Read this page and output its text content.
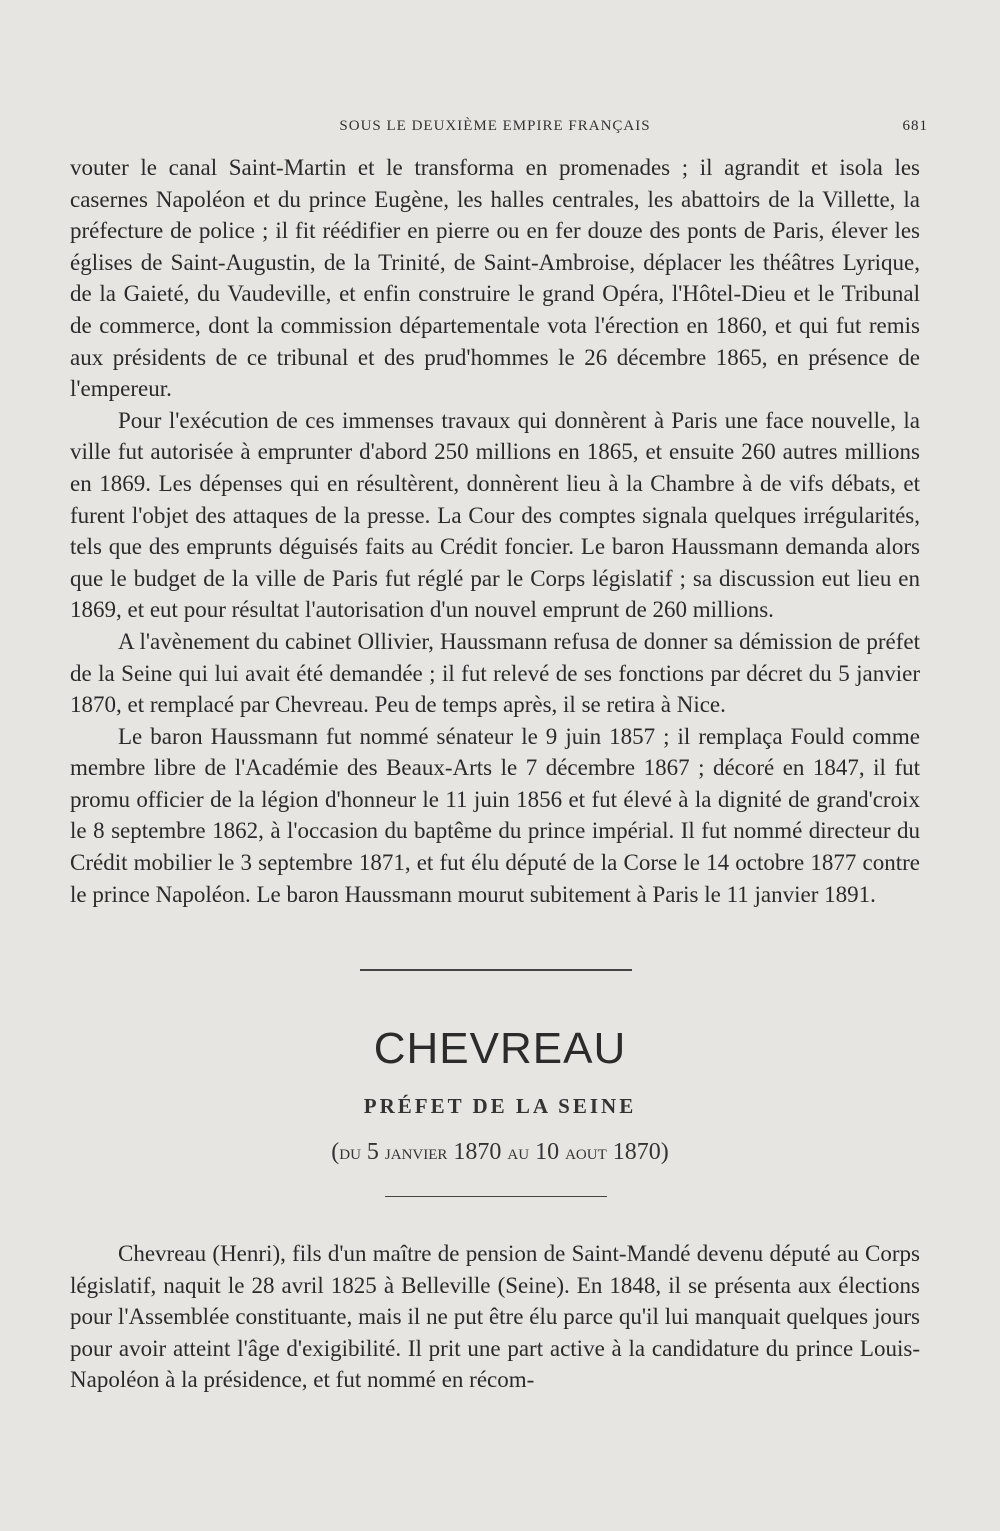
SOUS LE DEUXIÈME EMPIRE FRANÇAIS	681

vouter le canal Saint-Martin et le transforma en promenades ; il agrandit et isola les casernes Napoléon et du prince Eugène, les halles centrales, les abattoirs de la Villette, la préfecture de police ; il fit réédifier en pierre ou en fer douze des ponts de Paris, élever les églises de Saint-Augustin, de la Trinité, de Saint-Ambroise, déplacer les théâtres Lyrique, de la Gaieté, du Vaudeville, et enfin construire le grand Opéra, l'Hôtel-Dieu et le Tribunal de commerce, dont la commission départementale vota l'érection en 1860, et qui fut remis aux présidents de ce tribunal et des prud'hommes le 26 décembre 1865, en présence de l'empereur.

Pour l'exécution de ces immenses travaux qui donnèrent à Paris une face nouvelle, la ville fut autorisée à emprunter d'abord 250 millions en 1865, et ensuite 260 autres millions en 1869. Les dépenses qui en résultèrent, donnèrent lieu à la Chambre à de vifs débats, et furent l'objet des attaques de la presse. La Cour des comptes signala quelques irrégularités, tels que des emprunts déguisés faits au Crédit foncier. Le baron Haussmann demanda alors que le budget de la ville de Paris fut réglé par le Corps législatif ; sa discussion eut lieu en 1869, et eut pour résultat l'autorisation d'un nouvel emprunt de 260 millions.

A l'avènement du cabinet Ollivier, Haussmann refusa de donner sa démission de préfet de la Seine qui lui avait été demandée ; il fut relevé de ses fonctions par décret du 5 janvier 1870, et remplacé par Chevreau. Peu de temps après, il se retira à Nice.

Le baron Haussmann fut nommé sénateur le 9 juin 1857 ; il remplaça Fould comme membre libre de l'Académie des Beaux-Arts le 7 décembre 1867 ; décoré en 1847, il fut promu officier de la légion d'honneur le 11 juin 1856 et fut élevé à la dignité de grand'croix le 8 septembre 1862, à l'occasion du baptême du prince impérial. Il fut nommé directeur du Crédit mobilier le 3 septembre 1871, et fut élu député de la Corse le 14 octobre 1877 contre le prince Napoléon. Le baron Haussmann mourut subitement à Paris le 11 janvier 1891.

CHEVREAU
PRÉFET DE LA SEINE
(du 5 janvier 1870 au 10 aout 1870)

Chevreau (Henri), fils d'un maître de pension de Saint-Mandé devenu député au Corps législatif, naquit le 28 avril 1825 à Belleville (Seine). En 1848, il se présenta aux élections pour l'Assemblée constituante, mais il ne put être élu parce qu'il lui manquait quelques jours pour avoir atteint l'âge d'exigibilité. Il prit une part active à la candidature du prince Louis-Napoléon à la présidence, et fut nommé en récom-
